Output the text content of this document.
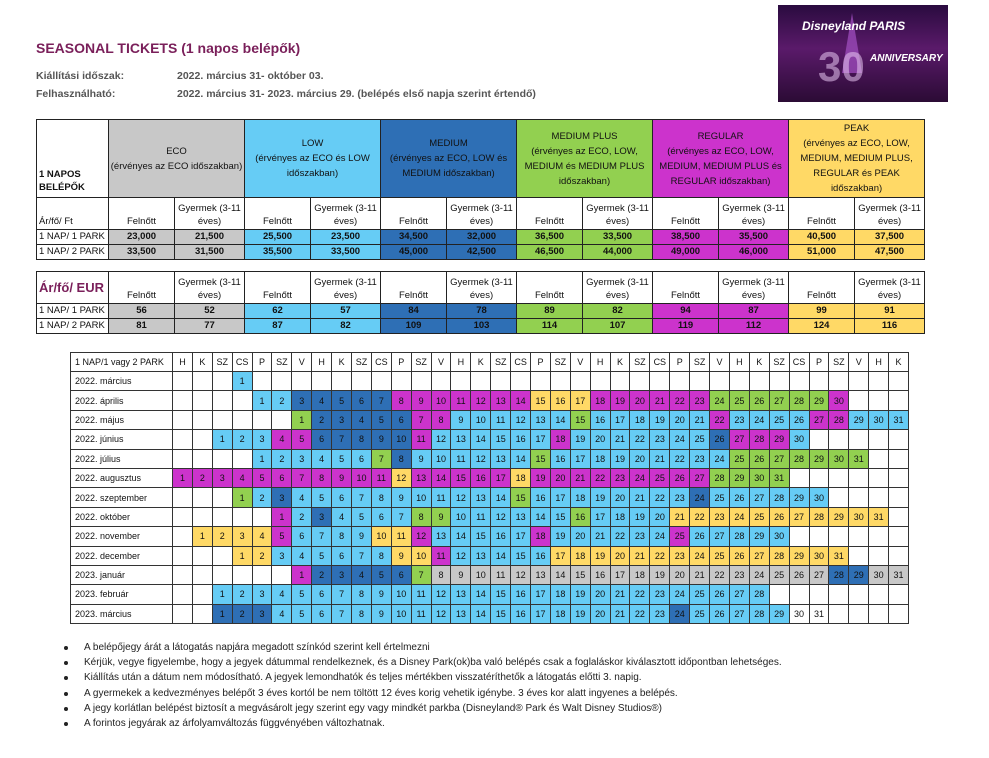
SEASONAL TICKETS (1 napos belépők)
Kiállítási időszak:	2022. március 31- október 03.
Felhasználható:	2022. március 31- 2023. március 29. (belépés első napja szerint értendő)
Disneyland PARIS
30 ANNIVERSARY
1 NAPOS BELÉPŐK	ECO
(érvényes az ECO időszakban)		LOW
(érvényes az ECO és LOW időszakban)		MEDIUM
(érvényes az ECO, LOW és MEDIUM időszakban)		MEDIUM PLUS
(érvényes az ECO, LOW, MEDIUM és MEDIUM PLUS időszakban)		REGULAR
(érvényes az ECO, LOW, MEDIUM, MEDIUM PLUS és REGULAR időszakban)		PEAK
(érvényes az ECO, LOW, MEDIUM, MEDIUM PLUS, REGULAR és PEAK időszakban)	
Ár/fő/ Ft	Felnőtt	Gyermek (3-11 éves)	Felnőtt	Gyermek (3-11 éves)	Felnőtt	Gyermek (3-11 éves)	Felnőtt	Gyermek (3-11 éves)	Felnőtt	Gyermek (3-11 éves)	Felnőtt	Gyermek (3-11 éves)
1 NAP/ 1 PARK	23,000	21,500	25,500	23,500	34,500	32,000	36,500	33,500	38,500	35,500	40,500	37,500
1 NAP/ 2 PARK	33,500	31,500	35,500	33,500	45,000	42,500	46,500	44,000	49,000	46,000	51,000	47,500
Ár/fő/ EUR	Felnőtt	Gyermek (3-11 éves)	Felnőtt	Gyermek (3-11 éves)	Felnőtt	Gyermek (3-11 éves)	Felnőtt	Gyermek (3-11 éves)	Felnőtt	Gyermek (3-11 éves)	Felnőtt	Gyermek (3-11 éves)
1 NAP/ 1 PARK	56	52	62	57	84	78	89	82	94	87	99	91
1 NAP/ 2 PARK	81	77	87	82	109	103	114	107	119	112	124	116
1 NAP/1 vagy 2 PARK	H	K	SZ	CS	P	SZ	V	H	K	SZ	CS	P	SZ	V	H	K	SZ	CS	P	SZ	V	H	K	SZ	CS	P	SZ	V	H	K	SZ	CS	P	SZ	V	H	K
2022. március				1																																	
2022. április					1	2	3	4	5	6	7	8	9	10	11	12	13	14	15	16	17	18	19	20	21	22	23	24	25	26	27	28	29	30			
2022. május							1	2	3	4	5	6	7	8	9	10	11	12	13	14	15	16	17	18	19	20	21	22	23	24	25	26	27	28	29	30	31
2022. június			1	2	3	4	5	6	7	8	9	10	11	12	13	14	15	16	17	18	19	20	21	22	23	24	25	26	27	28	29	30					
2022. július					1	2	3	4	5	6	7	8	9	10	11	12	13	14	15	16	17	18	19	20	21	22	23	24	25	26	27	28	29	30	31		
2022. augusztus	1	2	3	4	5	6	7	8	9	10	11	12	13	14	15	16	17	18	19	20	21	22	23	24	25	26	27	28	29	30	31						
2022. szeptember				1	2	3	4	5	6	7	8	9	10	11	12	13	14	15	16	17	18	19	20	21	22	23	24	25	26	27	28	29	30				
2022. október						1	2	3	4	5	6	7	8	9	10	11	12	13	14	15	16	17	18	19	20	21	22	23	24	25	26	27	28	29	30	31	
2022. november		1	2	3	4	5	6	7	8	9	10	11	12	13	14	15	16	17	18	19	20	21	22	23	24	25	26	27	28	29	30						
2022. december				1	2	3	4	5	6	7	8	9	10	11	12	13	14	15	16	17	18	19	20	21	22	23	24	25	26	27	28	29	30	31			
2023. január							1	2	3	4	5	6	7	8	9	10	11	12	13	14	15	16	17	18	19	20	21	22	23	24	25	26	27	28	29	30	31
2023. február			1	2	3	4	5	6	7	8	9	10	11	12	13	14	15	16	17	18	19	20	21	22	23	24	25	26	27	28							
2023. március			1	2	3	4	5	6	7	8	9	10	11	12	13	14	15	16	17	18	19	20	21	22	23	24	25	26	27	28	29	30	31				
A belépőjegy árát a látogatás napjára megadott színkód szerint kell értelmezni
Kérjük, vegye figyelembe, hogy a jegyek dátummal rendelkeznek, és a Disney Park(ok)ba való belépés csak a foglaláskor kiválasztott időpontban lehetséges.
Kiállítás után a dátum nem módosítható. A jegyek lemondhatók és teljes mértékben visszatéríthetők a látogatás előtti 3. napig.
A gyermekek a kedvezményes belépőt 3 éves kortól be nem töltött 12 éves korig vehetik igénybe. 3 éves kor alatt ingyenes a belépés.
A jegy korlátlan belépést biztosít a megvásárolt jegy szerint egy vagy mindkét parkba (Disneyland® Park és Walt Disney Studios®)
A forintos jegyárak az árfolyamváltozás függvényében változhatnak.
